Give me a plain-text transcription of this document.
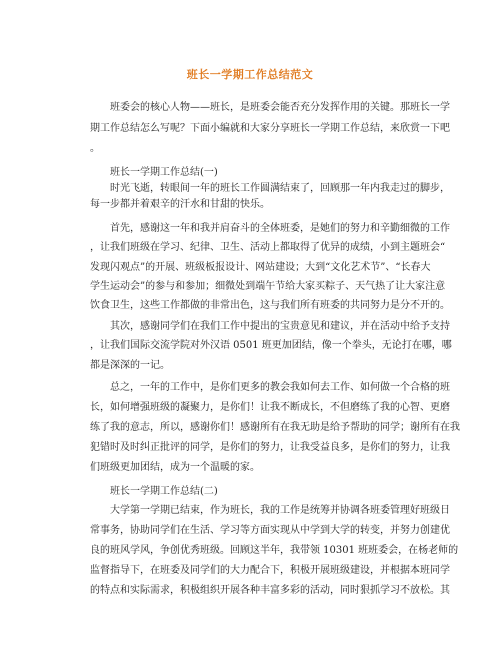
班长一学期工作总结范文
班委会的核心人物——班长，是班委会能否充分发挥作用的关键。那班长一学
期工作总结怎么写呢？下面小编就和大家分享班长一学期工作总结，来欣赏一下吧
。
班长一学期工作总结(一)
时光飞逝，转眼间一年的班长工作圆满结束了，回顾那一年内我走过的脚步，
每一步都并着艰辛的汗水和甘甜的快乐。
首先，感谢这一年和我并肩奋斗的全体班委，是她们的努力和辛勤细微的工作
，让我们班级在学习、纪律、卫生、活动上都取得了优异的成绩，小到主题班会“
发现闪观点”的开展、班级板报设计、网站建设；大到“文化艺术节”、“长春大
学生运动会”的参与和参加；细微处到端午节给大家买粽子、天气热了让大家注意
饮食卫生，这些工作都做的非常出色，这与我们所有班委的共同努力是分不开的。
其次，感谢同学们在我们工作中提出的宝贵意见和建议，并在活动中给予支持
，让我们国际交流学院对外汉语 0501 班更加团结，像一个拳头，无论打在哪，哪
都是深深的一记。
总之，一年的工作中，是你们更多的教会我如何去工作、如何做一个合格的班
长，如何增强班级的凝聚力，是你们！让我不断成长，不但磨练了我的心智、更磨
练了我的意志，所以，感谢你们！感谢所有在我无助是给予帮助的同学；谢所有在我
犯错时及时纠正批评的同学，是你们的努力，让我受益良多，是你们的努力，让我
们班级更加团结，成为一个温暖的家。
班长一学期工作总结(二)
大学第一学期已结束，作为班长，我的工作是统筹并协调各班委管理好班级日
常事务，协助同学们在生活、学习等方面实现从中学到大学的转变，并努力创建优
良的班风学风，争创优秀班级。回顾这半年，我带领 10301 班班委会，在杨老师的
监督指导下，在班委及同学们的大力配合下，积极开展班级建设，并根据本班同学
的特点和实际需求，积极组织开展各种丰富多彩的活动，同时狠抓学习不放松。其
